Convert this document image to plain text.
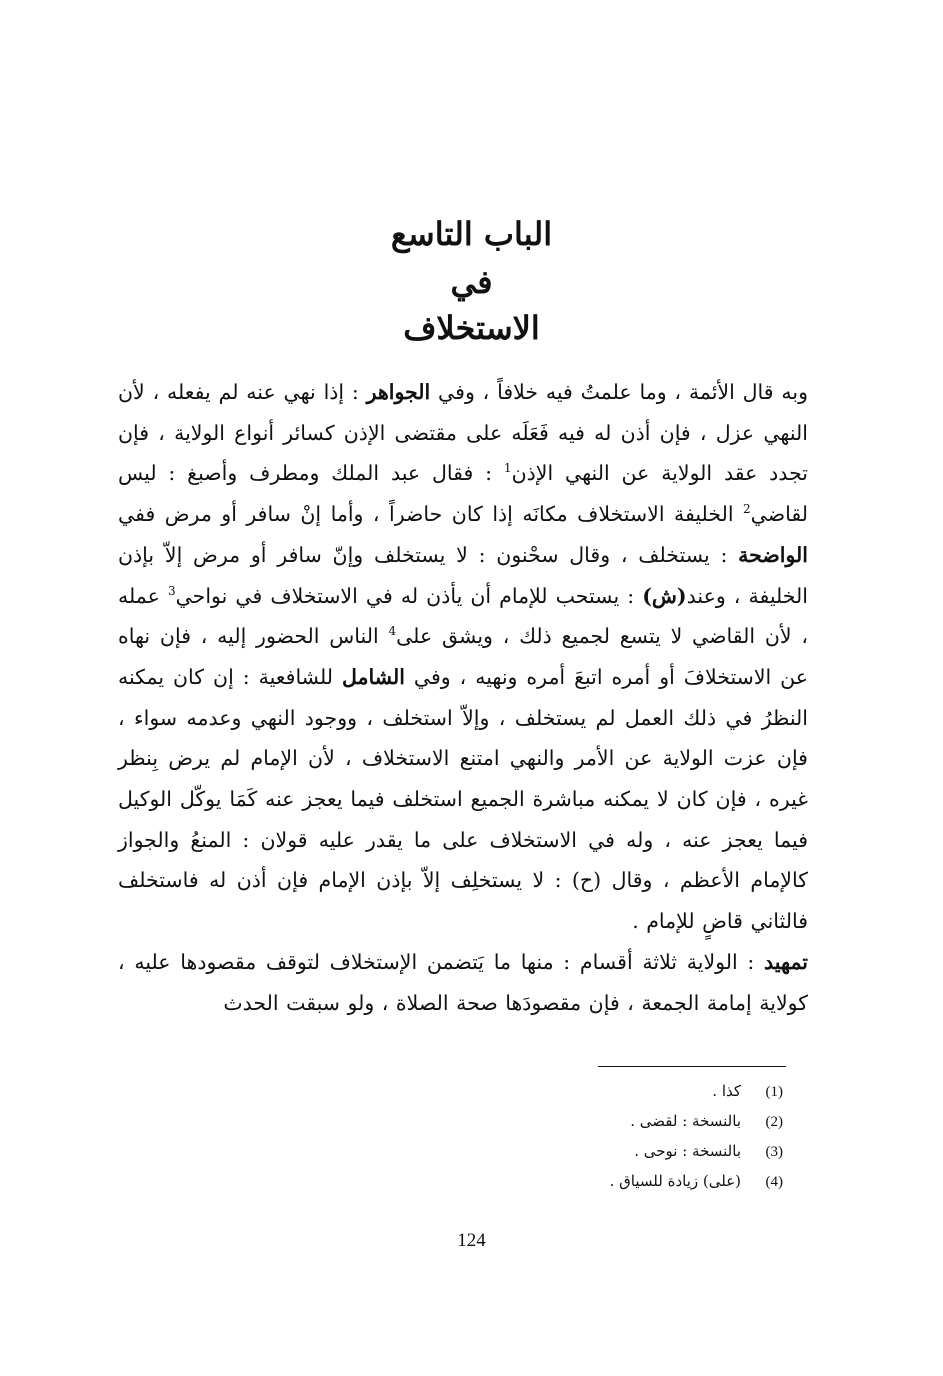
الباب التاسع
في
الاستخلاف

وبه قال الأئمة ، وما علمتُ فيه خلافاً ، وفي الجواهر : إذا نهي عنه لم يفعله ، لأن النهي عزل ، فإن أذن له فيه فَعَلَه على مقتضى الإذن كسائر أنواع الولاية ، فإن تجدد عقد الولاية عن النهي الإذن$^1$ : فقال عبد الملك ومطرف وأصبغ : ليس لقاضي$^2$ الخليفة الاستخلاف مكانَه إذا كان حاضراً ، وأما إنْ سافر أو مرض ففي الواضحة : يستخلف ، وقال سحْنون : لا يستخلف وإنّ سافر أو مرض إلاّ بإذن الخليفة ، وعند(ش) : يستحب للإمام أن يأذن له في الاستخلاف في نواحي$^3$ عمله ، لأن القاضي لا يتسع لجميع ذلك ، ويشق على$^4$ الناس الحضور إليه ، فإن نهاه عن الاستخلافَ أو أمره اتبعَ أمره ونهيه ، وفي الشامل للشافعية : إن كان يمكنه النظرُ في ذلك العمل لم يستخلف ، وإلاّ استخلف ، ووجود النهي وعدمه سواء ، فإن عزت الولاية عن الأمر والنهي امتنع الاستخلاف ، لأن الإمام لم يرض بِنظر غيره ، فإن كان لا يمكنه مباشرة الجميع استخلف فيما يعجز عنه كَمَا يوكّل الوكيل فيما يعجز عنه ، وله في الاستخلاف على ما يقدر عليه قولان : المنعُ والجواز كالإمام الأعظم ، وقال (ح) : لا يستخلِف إلاّ بإذن الإمام فإن أذن له فاستخلف فالثاني قاضٍ للإمام .

تمهيد : الولاية ثلاثة أقسام : منها ما يَتضمن الإستخلاف لتوقف مقصودها عليه ، كولاية إمامة الجمعة ، فإن مقصودَها صحة الصلاة ، ولو سبقت الحدث

(1)كذا .
(2)بالنسخة : لقضى .
(3)بالنسخة : نوحى .
(4)(على) زيادة للسياق .
124
